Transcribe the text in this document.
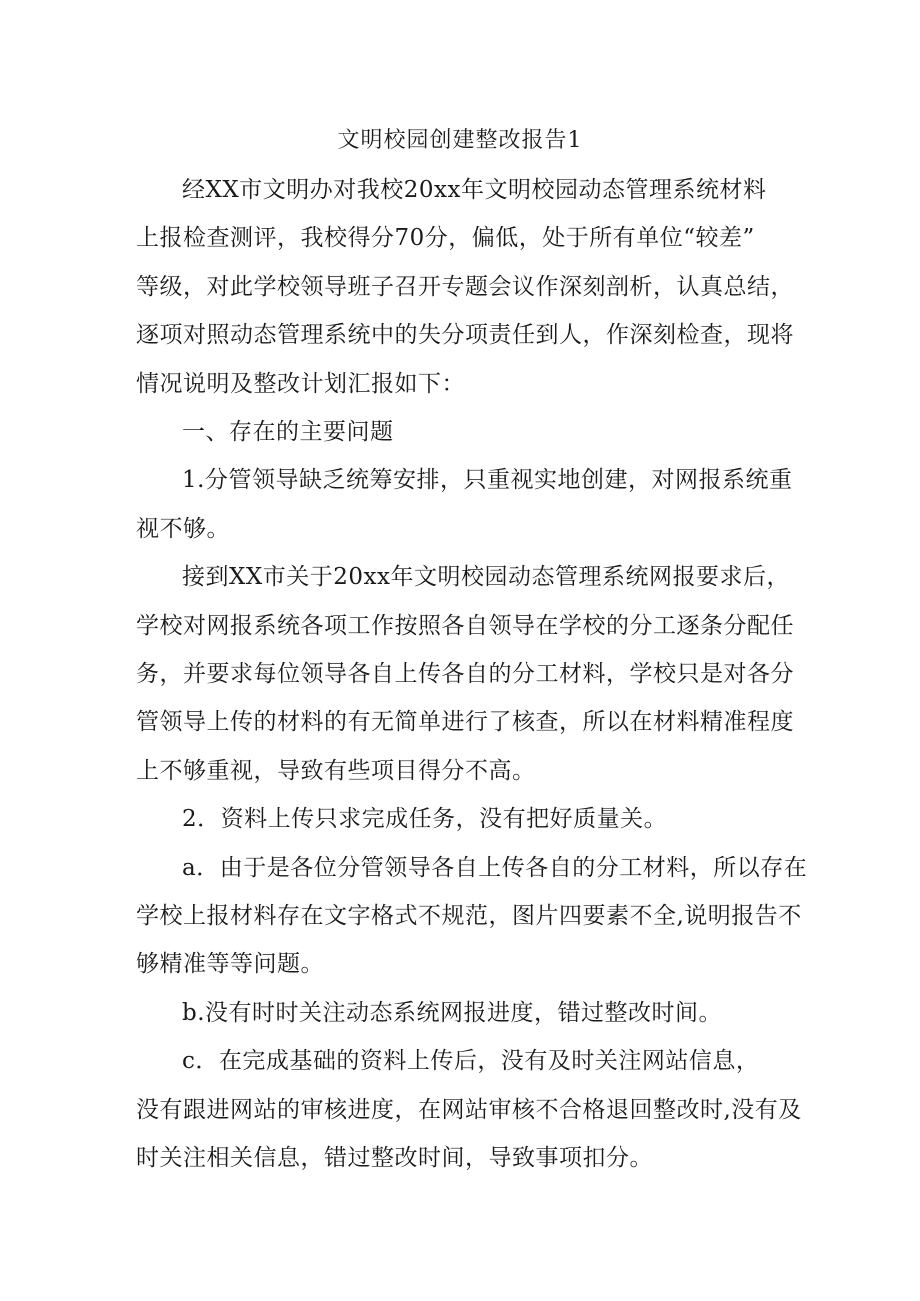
文明校园创建整改报告1

经XX市文明办对我校20xx年文明校园动态管理系统材料

上报检查测评，我校得分70分，偏低，处于所有单位“较差”

等级，对此学校领导班子召开专题会议作深刻剖析，认真总结，

逐项对照动态管理系统中的失分项责任到人，作深刻检查，现将

情况说明及整改计划汇报如下：

一、存在的主要问题

1.分管领导缺乏统筹安排，只重视实地创建，对网报系统重

视不够。

接到XX市关于20xx年文明校园动态管理系统网报要求后，

学校对网报系统各项工作按照各自领导在学校的分工逐条分配任

务，并要求每位领导各自上传各自的分工材料，学校只是对各分

管领导上传的材料的有无简单进行了核查，所以在材料精准程度

上不够重视，导致有些项目得分不高。

2．资料上传只求完成任务，没有把好质量关。

a．由于是各位分管领导各自上传各自的分工材料，所以存在

学校上报材料存在文字格式不规范，图片四要素不全,说明报告不

够精准等等问题。

b.没有时时关注动态系统网报进度，错过整改时间。

c．在完成基础的资料上传后，没有及时关注网站信息，

没有跟进网站的审核进度，在网站审核不合格退回整改时,没有及

时关注相关信息，错过整改时间，导致事项扣分。
